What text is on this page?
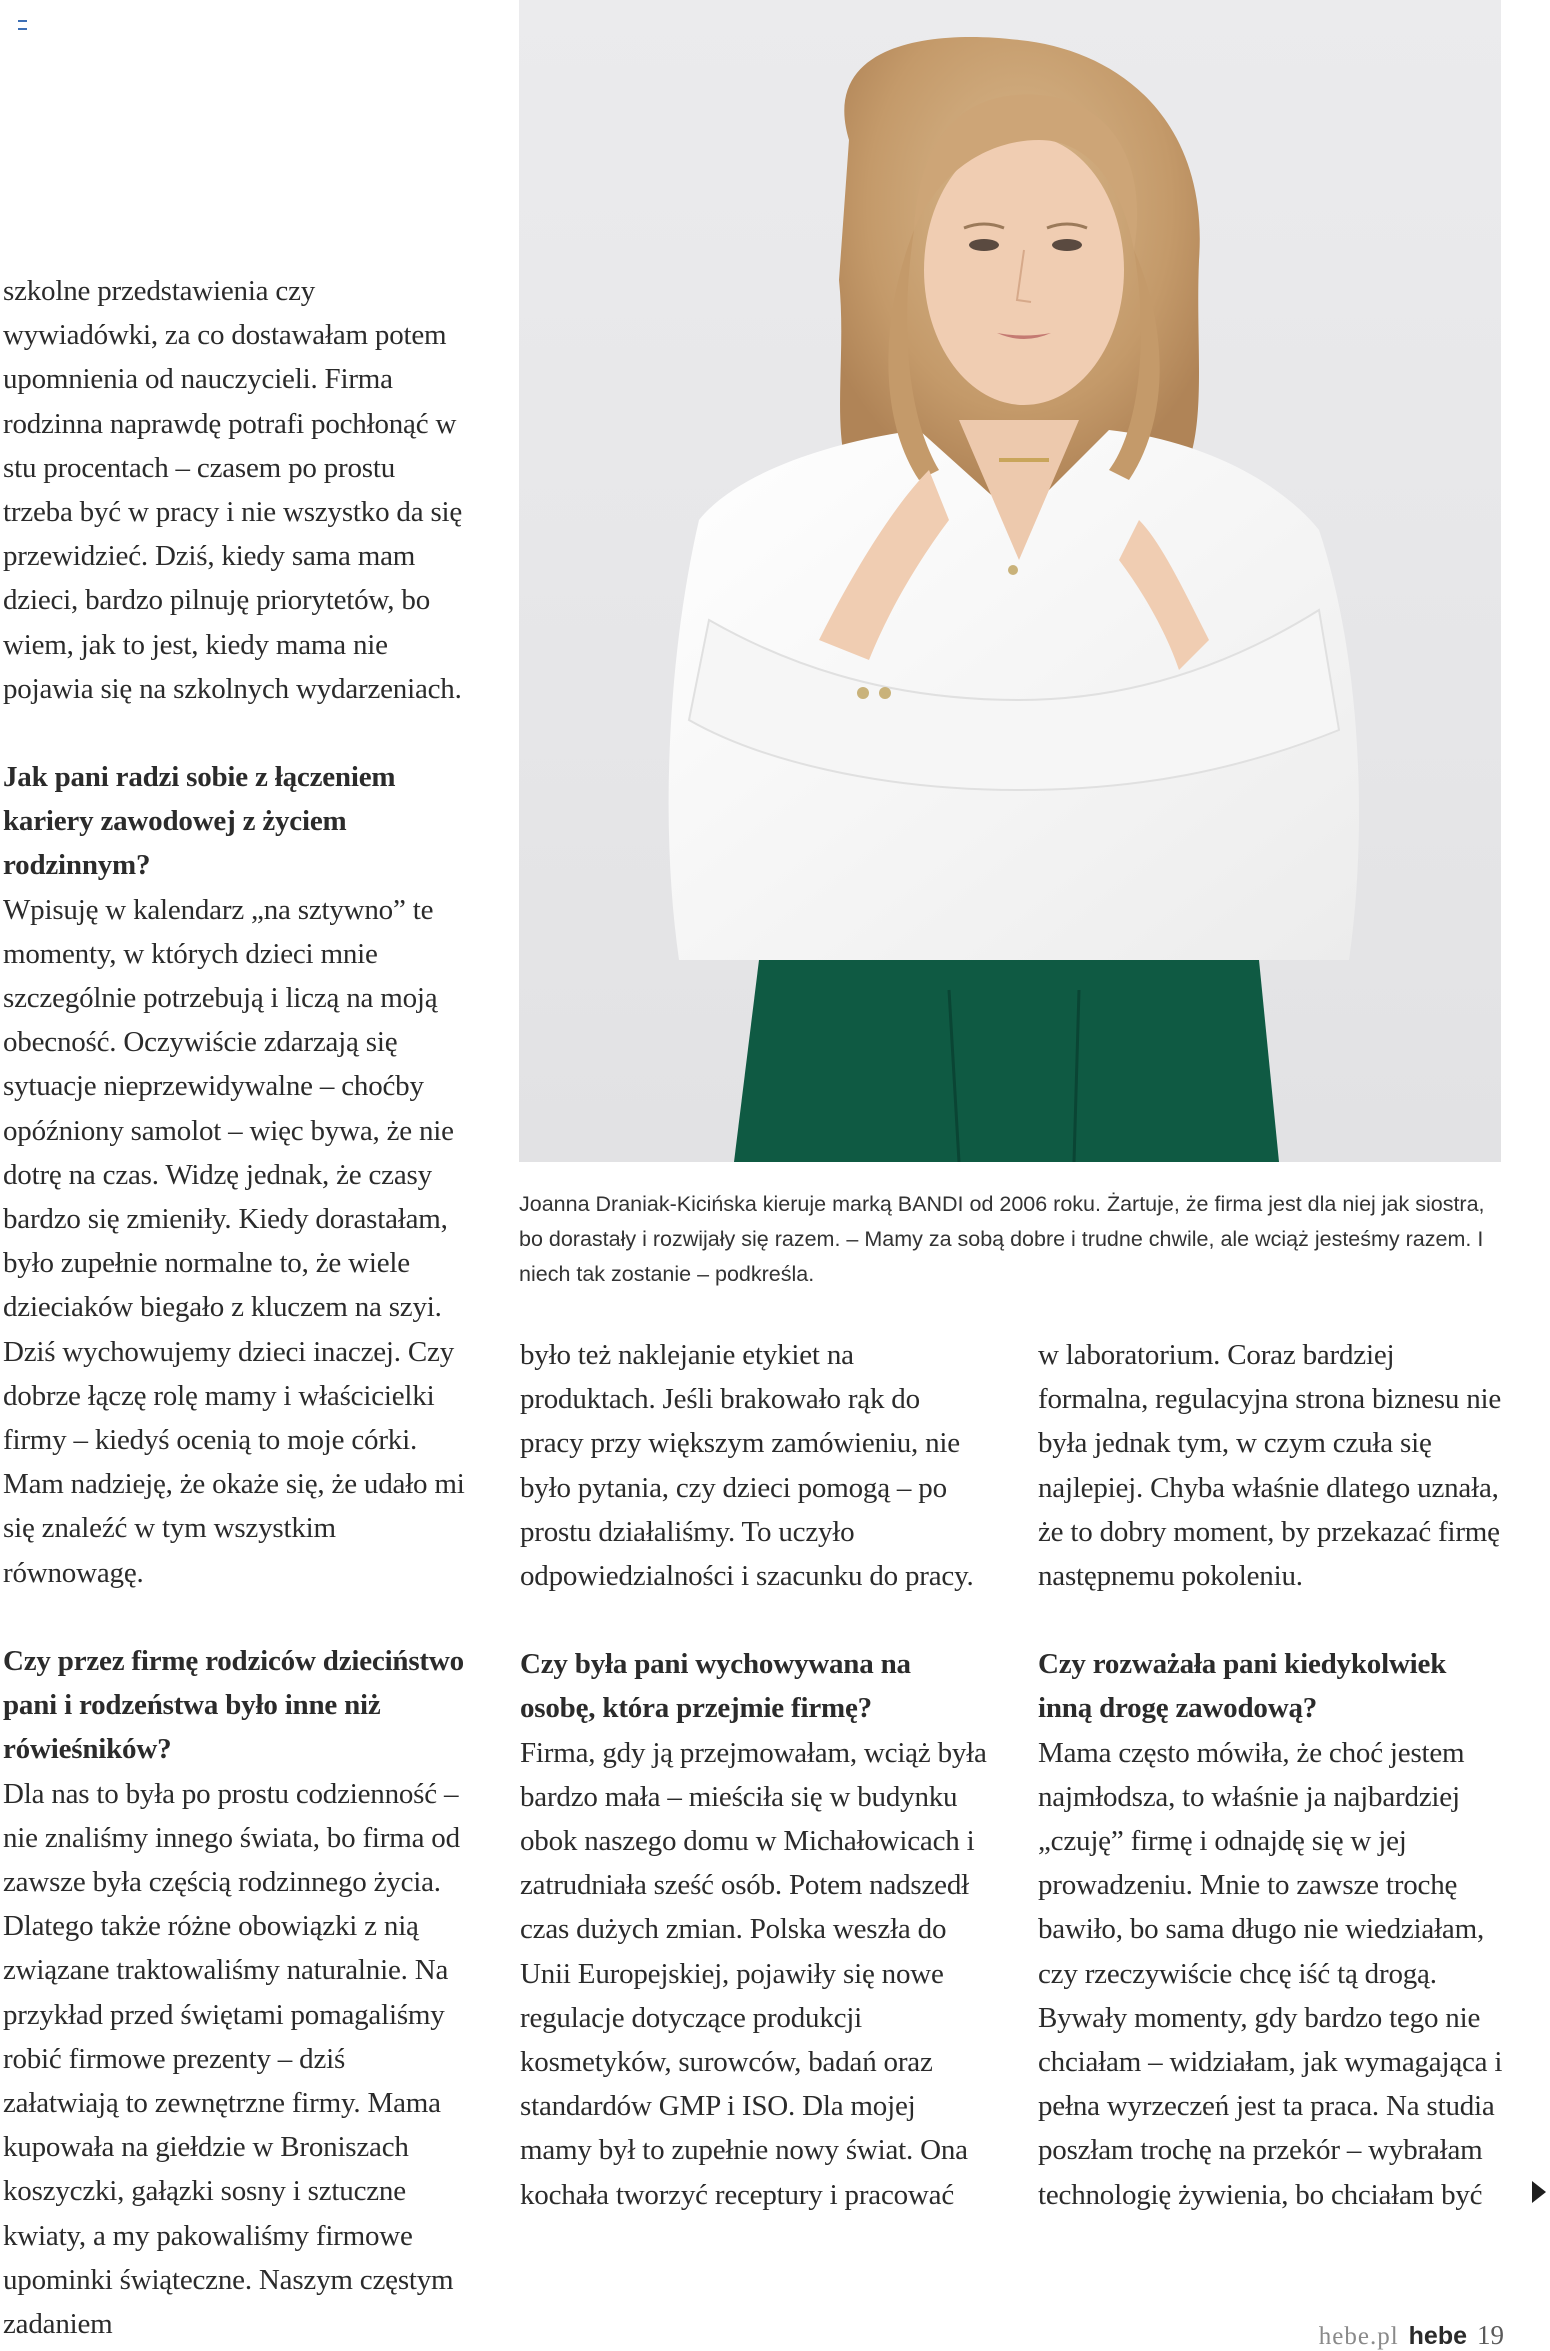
szkolne przedstawienia czy wywiadówki, za co dostawałam potem upomnienia od nauczycieli. Firma rodzinna naprawdę potrafi pochłonąć w stu procentach – czasem po prostu trzeba być w pracy i nie wszystko da się przewidzieć. Dziś, kiedy sama mam dzieci, bardzo pilnuję priorytetów, bo wiem, jak to jest, kiedy mama nie pojawia się na szkolnych wydarzeniach.

Jak pani radzi sobie z łączeniem kariery zawodowej z życiem rodzinnym?

Wpisuję w kalendarz „na sztywno” te momenty, w których dzieci mnie szczególnie potrzebują i liczą na moją obecność. Oczywiście zdarzają się sytuacje nieprzewidywalne – choćby opóźniony samolot – więc bywa, że nie dotrę na czas. Widzę jednak, że czasy bardzo się zmieniły. Kiedy dorastałam, było zupełnie normalne to, że wiele dzieciaków biegało z kluczem na szyi. Dziś wychowujemy dzieci inaczej. Czy dobrze łączę rolę mamy i właścicielki firmy – kiedyś ocenią to moje córki. Mam nadzieję, że okaże się, że udało mi się znaleźć w tym wszystkim równowagę.

Czy przez firmę rodziców dzieciństwo pani i rodzeństwa było inne niż rówieśników?

Dla nas to była po prostu codzienność – nie znaliśmy innego świata, bo firma od zawsze była częścią rodzinnego życia. Dlatego także różne obowiązki z nią związane traktowaliśmy naturalnie. Na przykład przed świętami pomagaliśmy robić firmowe prezenty – dziś załatwiają to zewnętrzne firmy. Mama kupowała na giełdzie w Broniszach koszyczki, gałązki sosny i sztuczne kwiaty, a my pakowaliśmy firmowe upominki świąteczne. Naszym częstym zadaniem

Joanna Draniak-Kicińska kieruje marką BANDI od 2006 roku. Żartuje, że firma jest dla niej jak siostra, bo dorastały i rozwijały się razem. – Mamy za sobą dobre i trudne chwile, ale wciąż jesteśmy razem. I niech tak zostanie – podkreśla.

było też naklejanie etykiet na produktach. Jeśli brakowało rąk do pracy przy większym zamówieniu, nie było pytania, czy dzieci pomogą – po prostu działaliśmy. To uczyło odpowiedzialności i szacunku do pracy.

Czy była pani wychowywana na osobę, która przejmie firmę?

Firma, gdy ją przejmowałam, wciąż była bardzo mała – mieściła się w budynku obok naszego domu w Michałowicach i zatrudniała sześć osób. Potem nadszedł czas dużych zmian. Polska weszła do Unii Europejskiej, pojawiły się nowe regulacje dotyczące produkcji kosmetyków, surowców, badań oraz standardów GMP i ISO. Dla mojej mamy był to zupełnie nowy świat. Ona kochała tworzyć receptury i pracować

w laboratorium. Coraz bardziej formalna, regulacyjna strona biznesu nie była jednak tym, w czym czuła się najlepiej. Chyba właśnie dlatego uznała, że to dobry moment, by przekazać firmę następnemu pokoleniu.

Czy rozważała pani kiedykolwiek inną drogę zawodową?

Mama często mówiła, że choć jestem najmłodsza, to właśnie ja najbardziej „czuję” firmę i odnajdę się w jej prowadzeniu. Mnie to zawsze trochę bawiło, bo sama długo nie wiedziałam, czy rzeczywiście chcę iść tą drogą. Bywały momenty, gdy bardzo tego nie chciałam – widziałam, jak wymagająca i pełna wyrzeczeń jest ta praca. Na studia poszłam trochę na przekór – wybrałam technologię żywienia, bo chciałam być

hebe.pl hebe 19
